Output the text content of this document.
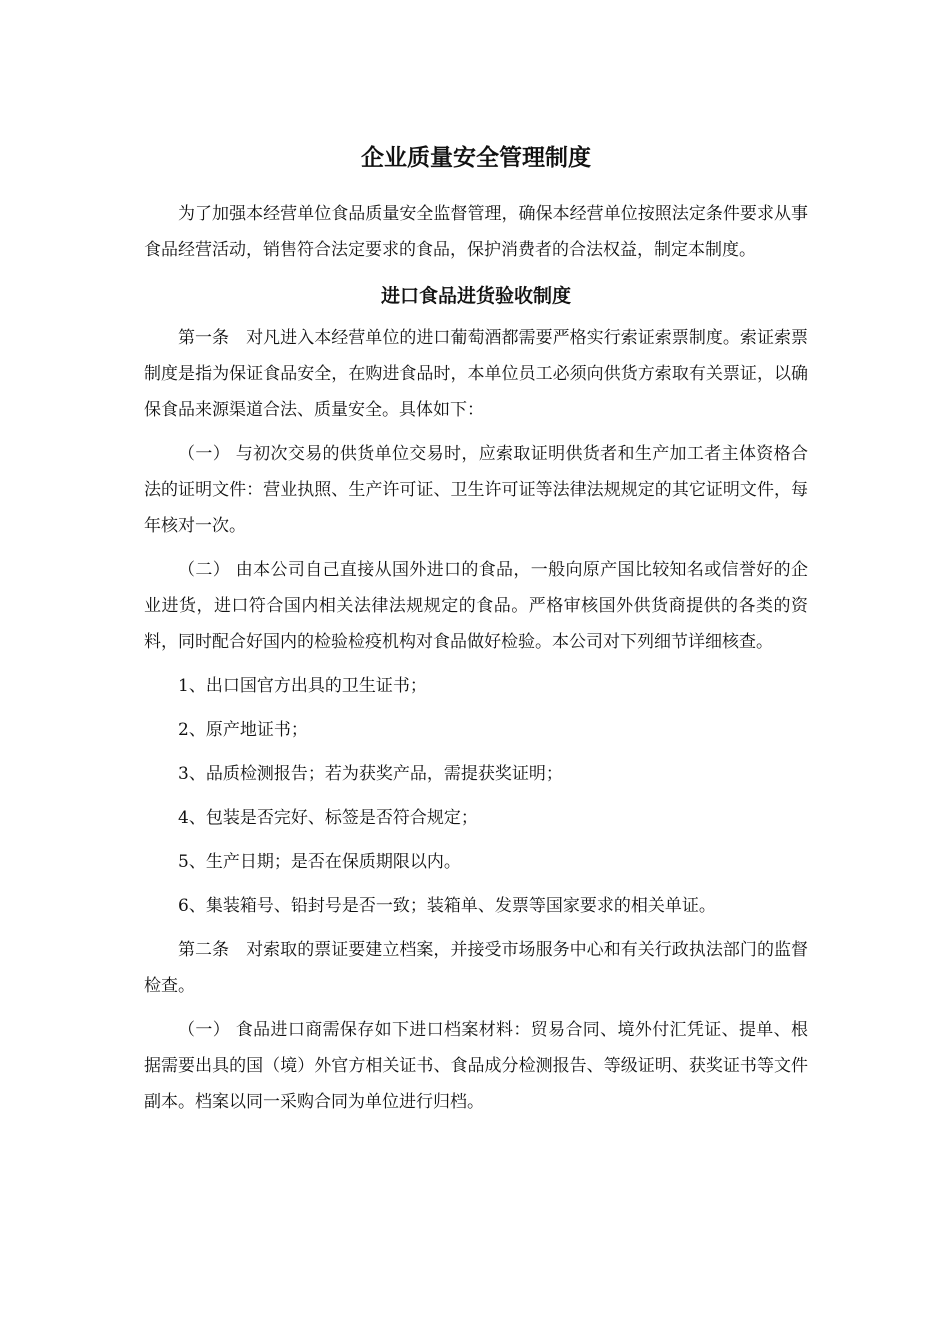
企业质量安全管理制度

为了加强本经营单位食品质量安全监督管理，确保本经营单位按照法定条件要求从事食品经营活动，销售符合法定要求的食品，保护消费者的合法权益，制定本制度。

进口食品进货验收制度

第一条　对凡进入本经营单位的进口葡萄酒都需要严格实行索证索票制度。索证索票制度是指为保证食品安全，在购进食品时，本单位员工必须向供货方索取有关票证，以确保食品来源渠道合法、质量安全。具体如下：

（一） 与初次交易的供货单位交易时，应索取证明供货者和生产加工者主体资格合法的证明文件：营业执照、生产许可证、卫生许可证等法律法规规定的其它证明文件，每年核对一次。

（二） 由本公司自己直接从国外进口的食品，一般向原产国比较知名或信誉好的企业进货，进口符合国内相关法律法规规定的食品。严格审核国外供货商提供的各类的资料，同时配合好国内的检验检疫机构对食品做好检验。本公司对下列细节详细核查。

1、出口国官方出具的卫生证书；

2、原产地证书；

3、品质检测报告；若为获奖产品，需提获奖证明；

4、包装是否完好、标签是否符合规定；

5、生产日期；是否在保质期限以内。

6、集装箱号、铅封号是否一致；装箱单、发票等国家要求的相关单证。

第二条　对索取的票证要建立档案，并接受市场服务中心和有关行政执法部门的监督检查。

（一） 食品进口商需保存如下进口档案材料：贸易合同、境外付汇凭证、提单、根据需要出具的国（境）外官方相关证书、食品成分检测报告、等级证明、获奖证书等文件副本。档案以同一采购合同为单位进行归档。
